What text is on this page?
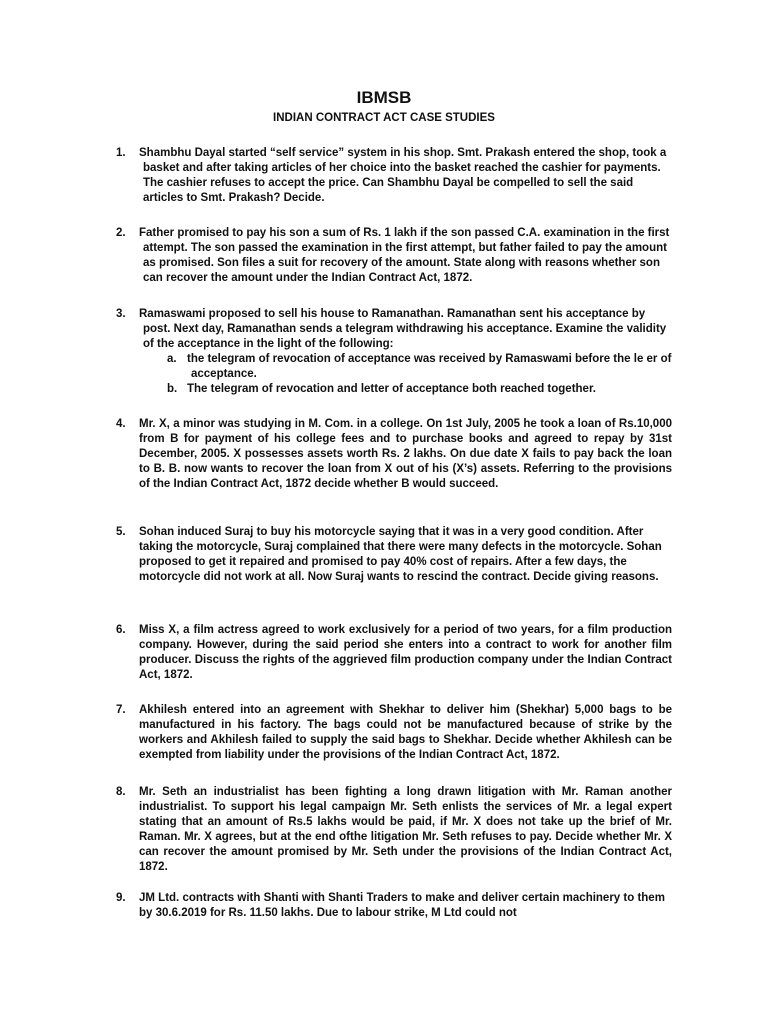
IBMSB
INDIAN CONTRACT ACT CASE STUDIES
1.	Shambhu Dayal started “self service” system in his shop. Smt. Prakash entered the shop, took a basket and after taking articles of her choice into the basket reached the cashier for payments. The cashier refuses to accept the price. Can Shambhu Dayal be compelled to sell the said articles to Smt. Prakash? Decide.
2.	Father promised to pay his son a sum of Rs. 1 lakh if the son passed C.A. examination in the first attempt. The son passed the examination in the first attempt, but father failed to pay the amount as promised. Son files a suit for recovery of the amount. State along with reasons whether son can recover the amount under the Indian Contract Act, 1872.
3.	Ramaswami proposed to sell his house to Ramanathan. Ramanathan sent his acceptance by post. Next day, Ramanathan sends a telegram withdrawing his acceptance. Examine the validity of the acceptance in the light of the following:
a. the telegram of revocation of acceptance was received by Ramaswami before the le er of acceptance.
b. The telegram of revocation and letter of acceptance both reached together.
4.	Mr. X, a minor was studying in M. Com. in a college. On 1st July, 2005 he took a loan of Rs.10,000 from B for payment of his college fees and to purchase books and agreed to repay by 31st December, 2005. X possesses assets worth Rs. 2 lakhs. On due date X fails to pay back the loan to B. B. now wants to recover the loan from X out of his (X’s) assets. Referring to the provisions of the Indian Contract Act, 1872 decide whether B would succeed.
5.	Sohan induced Suraj to buy his motorcycle saying that it was in a very good condition. After taking the motorcycle, Suraj complained that there were many defects in the motorcycle. Sohan proposed to get it repaired and promised to pay 40% cost of repairs. After a few days, the motorcycle did not work at all. Now Suraj wants to rescind the contract. Decide giving reasons.
6.	Miss X, a film actress agreed to work exclusively for a period of two years, for a film production company. However, during the said period she enters into a contract to work for another film producer. Discuss the rights of the aggrieved film production company under the Indian Contract Act, 1872.
7.	Akhilesh entered into an agreement with Shekhar to deliver him (Shekhar) 5,000 bags to be manufactured in his factory. The bags could not be manufactured because of strike by the workers and Akhilesh failed to supply the said bags to Shekhar. Decide whether Akhilesh can be exempted from liability under the provisions of the Indian Contract Act, 1872.
8.	Mr. Seth an industrialist has been fighting a long drawn litigation with Mr. Raman another industrialist. To support his legal campaign Mr. Seth enlists the services of Mr. a legal expert stating that an amount of Rs.5 lakhs would be paid, if Mr. X does not take up the brief of Mr. Raman. Mr. X agrees, but at the end ofthe litigation Mr. Seth refuses to pay. Decide whether Mr. X can recover the amount promised by Mr. Seth under the provisions of the Indian Contract Act, 1872.
9.	JM Ltd. contracts with Shanti with Shanti Traders to make and deliver certain machinery to them by 30.6.2019 for Rs. 11.50 lakhs. Due to labour strike, M Ltd could not
